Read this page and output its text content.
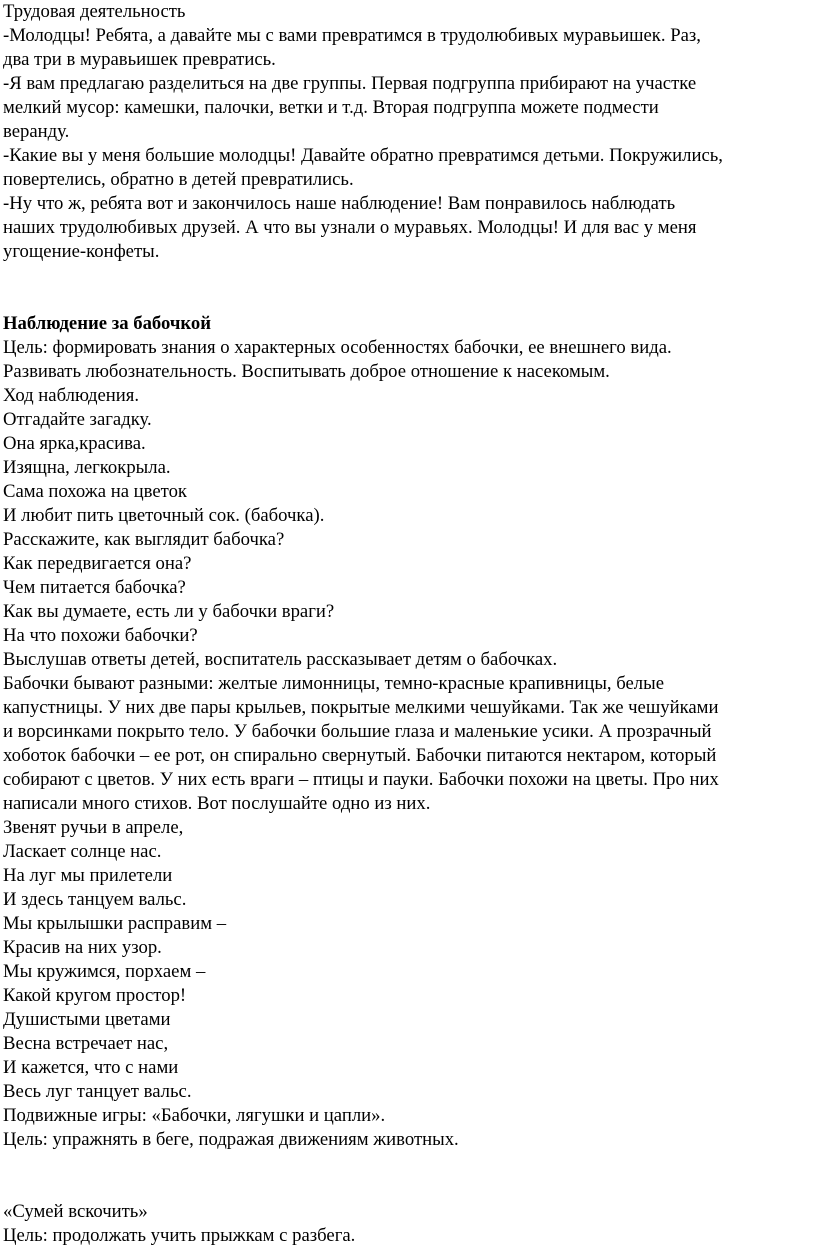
Трудовая деятельность

-Молодцы! Ребята, а давайте мы с вами превратимся в трудолюбивых муравьишек. Раз,

два три в муравьишек превратись.

-Я вам предлагаю разделиться на две группы. Первая подгруппа прибирают на участке

мелкий мусор: камешки, палочки, ветки и т.д. Вторая подгруппа можете подмести

веранду.

-Какие вы у меня большие молодцы! Давайте обратно превратимся детьми. Покружились,

повертелись, обратно в детей превратились.

-Ну что ж, ребята вот и закончилось наше наблюдение! Вам понравилось наблюдать

наших трудолюбивых друзей. А что вы узнали о муравьях. Молодцы! И для вас у меня

угощение-конфеты.

Наблюдение за бабочкой

Цель: формировать знания о характерных особенностях бабочки, ее внешнего вида.

Развивать любознательность. Воспитывать доброе отношение к насекомым.

Ход наблюдения.

Отгадайте загадку.

Она ярка,красива.

Изящна, легкокрыла.

Сама похожа на цветок

И любит пить цветочный сок. (бабочка).

Расскажите, как выглядит бабочка?

Как передвигается она?

Чем питается бабочка?

Как вы думаете, есть ли у бабочки враги?

На что похожи бабочки?

Выслушав ответы детей, воспитатель рассказывает детям о бабочках.

Бабочки бывают разными: желтые лимонницы, темно-красные крапивницы, белые

капустницы. У них две пары крыльев, покрытые мелкими чешуйками. Так же чешуйками

и ворсинками покрыто тело. У бабочки большие глаза и маленькие усики. А прозрачный

хоботок бабочки – ее рот, он спирально свернутый. Бабочки питаются нектаром, который

собирают с цветов. У них есть враги – птицы и пауки. Бабочки похожи на цветы. Про них

написали много стихов. Вот послушайте одно из них.

Звенят ручьи в апреле,

Ласкает солнце нас.

На луг мы прилетели

И здесь танцуем вальс.

Мы крылышки расправим –

Красив на них узор.

Мы кружимся, порхаем –

Какой кругом простор!

Душистыми цветами

Весна встречает нас,

И кажется, что с нами

Весь луг танцует вальс.

Подвижные игры: «Бабочки, лягушки и цапли».

Цель: упражнять в беге, подражая движениям животных.

«Сумей вскочить»

Цель: продолжать учить прыжкам с разбега.
